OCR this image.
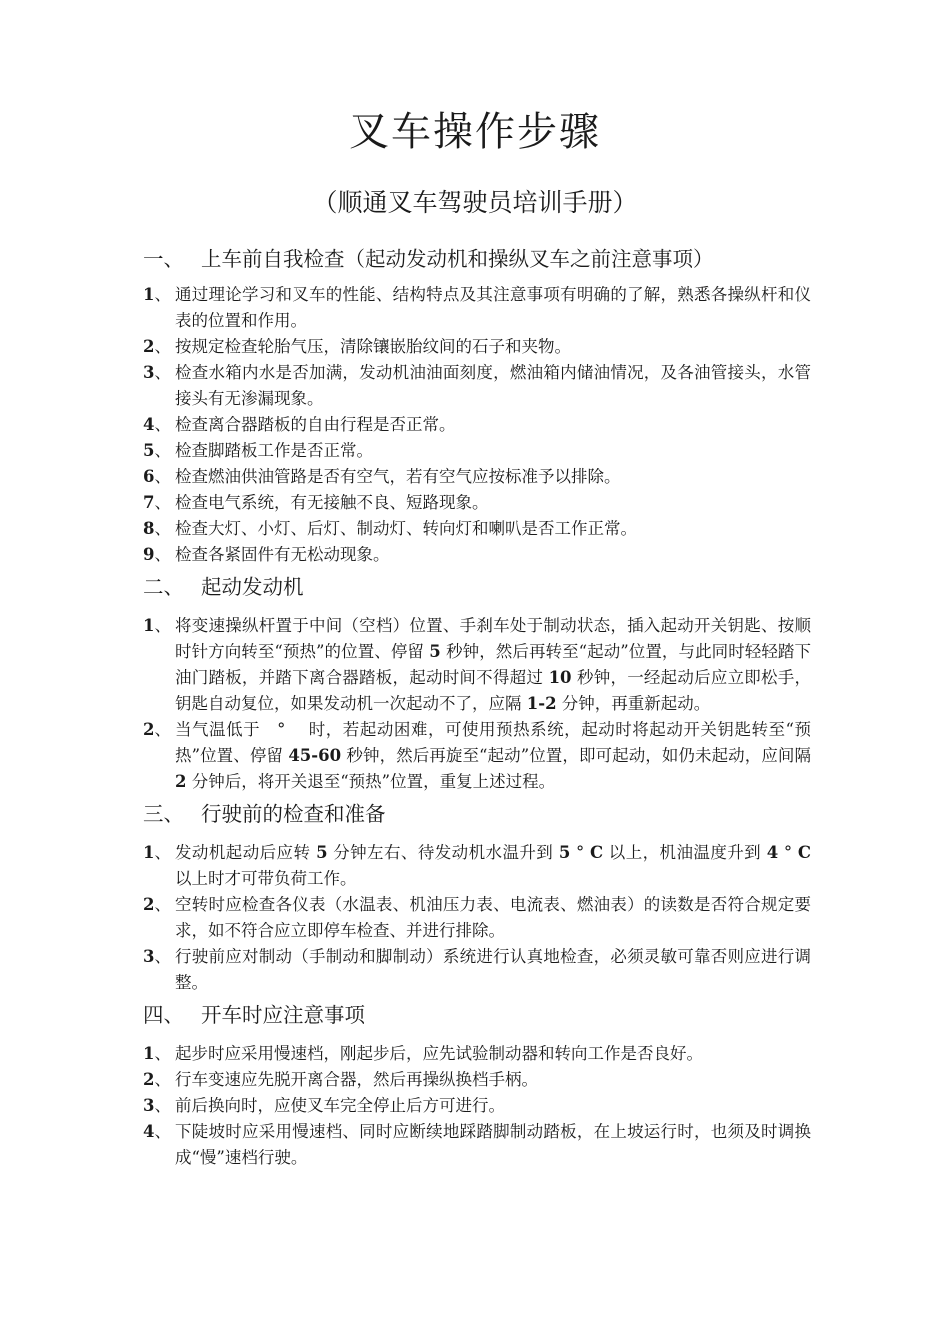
叉车操作步骤
（顺通叉车驾驶员培训手册）
一、 上车前自我检查（起动发动机和操纵叉车之前注意事项）
1、 通过理论学习和叉车的性能、结构特点及其注意事项有明确的了解，熟悉各操纵杆和仪表的位置和作用。
2、 按规定检查轮胎气压，清除镶嵌胎纹间的石子和夹物。
3、 检查水箱内水是否加满，发动机油油面刻度，燃油箱内储油情况，及各油管接头，水管接头有无渗漏现象。
4、 检查离合器踏板的自由行程是否正常。
5、 检查脚踏板工作是否正常。
6、 检查燃油供油管路是否有空气，若有空气应按标准予以排除。
7、 检查电气系统，有无接触不良、短路现象。
8、 检查大灯、小灯、后灯、制动灯、转向灯和喇叭是否工作正常。
9、 检查各紧固件有无松动现象。
二、 起动发动机
1、 将变速操纵杆置于中间（空档）位置、手刹车处于制动状态，插入起动开关钥匙、按顺时针方向转至“预热”的位置、停留 5 秒钟，然后再转至“起动”位置，与此同时轻轻踏下油门踏板，并踏下离合器踏板，起动时间不得超过 10 秒钟，一经起动后应立即松手，钥匙自动复位，如果发动机一次起动不了，应隔 1-2 分钟，再重新起动。
2、 当气温低于　°　 时，若起动困难，可使用预热系统，起动时将起动开关钥匙转至“预热”位置、停留 45-60 秒钟，然后再旋至“起动”位置，即可起动，如仍未起动，应间隔 2 分钟后，将开关退至“预热”位置，重复上述过程。
三、 行驶前的检查和准备
1、 发动机起动后应转 5 分钟左右、待发动机水温升到 5 ° C 以上，机油温度升到 4 ° C 以上时才可带负荷工作。
2、 空转时应检查各仪表（水温表、机油压力表、电流表、燃油表）的读数是否符合规定要求，如不符合应立即停车检查、并进行排除。
3、 行驶前应对制动（手制动和脚制动）系统进行认真地检查，必须灵敏可靠否则应进行调整。
四、 开车时应注意事项
1、 起步时应采用慢速档，刚起步后，应先试验制动器和转向工作是否良好。
2、 行车变速应先脱开离合器，然后再操纵换档手柄。
3、 前后换向时，应使叉车完全停止后方可进行。
4、 下陡坡时应采用慢速档、同时应断续地踩踏脚制动踏板，在上坡运行时，也须及时调换成“慢”速档行驶。
